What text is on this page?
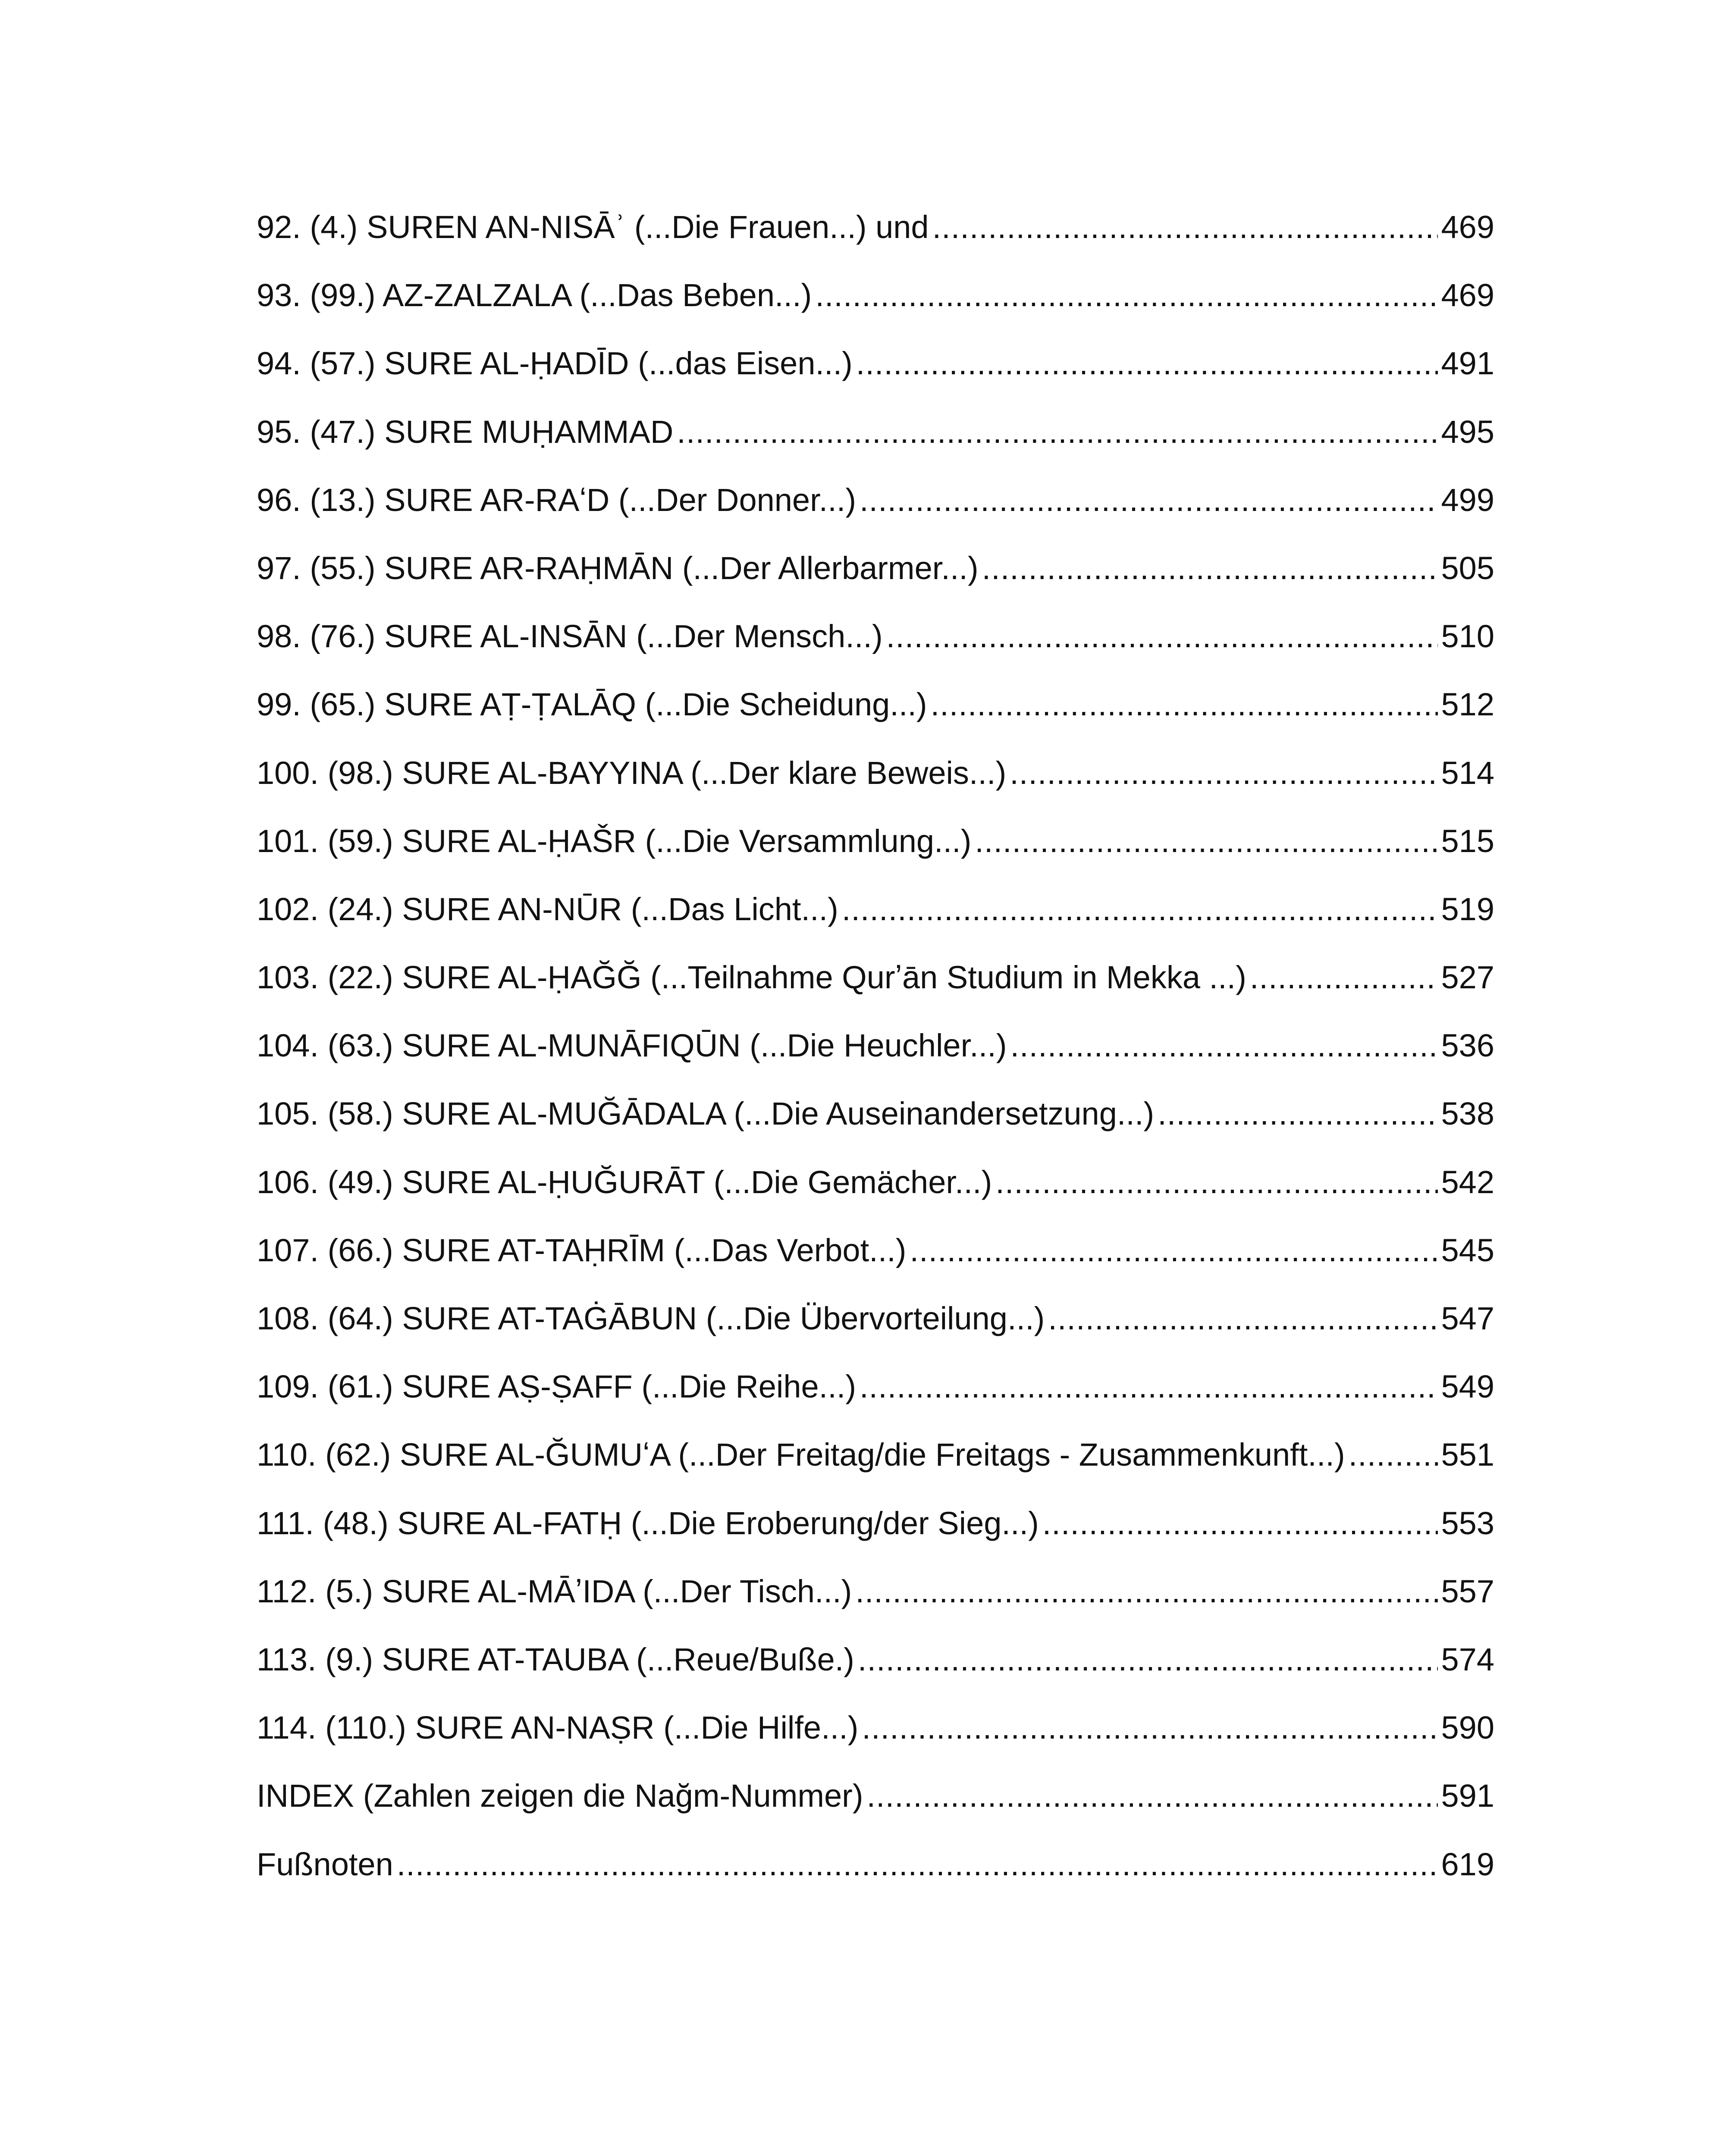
92. (4.) SUREN AN-NISĀʾ (...Die Frauen...) und .....	469
93. (99.) AZ-ZALZALA (...Das Beben...) .....	469
94. (57.) SURE AL-ḤADĪD (...das Eisen...) .....	491
95. (47.) SURE MUḤAMMAD .....	495
96. (13.) SURE AR-RAʻD (...Der Donner...) .....	499
97. (55.) SURE AR-RAḤMĀN (...Der Allerbarmer...) .....	505
98. (76.) SURE AL-INSĀN (...Der Mensch...) .....	510
99. (65.) SURE AṬ-ṬALĀQ (...Die Scheidung...) .....	512
100. (98.) SURE AL-BAYYINA (...Der klare Beweis...) .....	514
101. (59.) SURE AL-ḤAŠR (...Die Versammlung...) .....	515
102. (24.) SURE AN-NŪR (...Das Licht...) .....	519
103. (22.) SURE AL-ḤAĞĞ (...Teilnahme Qurʼān Studium in Mekka ...) .....	527
104. (63.) SURE AL-MUNĀFIQŪN (...Die Heuchler...) .....	536
105. (58.) SURE AL-MUĞĀDALA (...Die Auseinandersetzung...) .....	538
106. (49.) SURE AL-ḤUĞURĀT (...Die Gemächer...) .....	542
107. (66.) SURE AT-TAḤRĪM (...Das Verbot...) .....	545
108. (64.) SURE AT-TAĠĀBUN (...Die Übervorteilung...) .....	547
109. (61.) SURE AṢ-ṢAFF (...Die Reihe...) .....	549
110. (62.) SURE AL-ĞUMUʻA (...Der Freitag/die Freitags - Zusammenkunft...) .....	551
111. (48.) SURE AL-FATḤ (...Die Eroberung/der Sieg...) .....	553
112. (5.) SURE AL-MĀʼIDA (...Der Tisch...) .....	557
113. (9.) SURE AT-TAUBA (...Reue/Buße.) .....	574
114. (110.) SURE AN-NAṢR (...Die Hilfe...) .....	590
INDEX (Zahlen zeigen die Nağm-Nummer) .....	591
Fußnoten .....	619
